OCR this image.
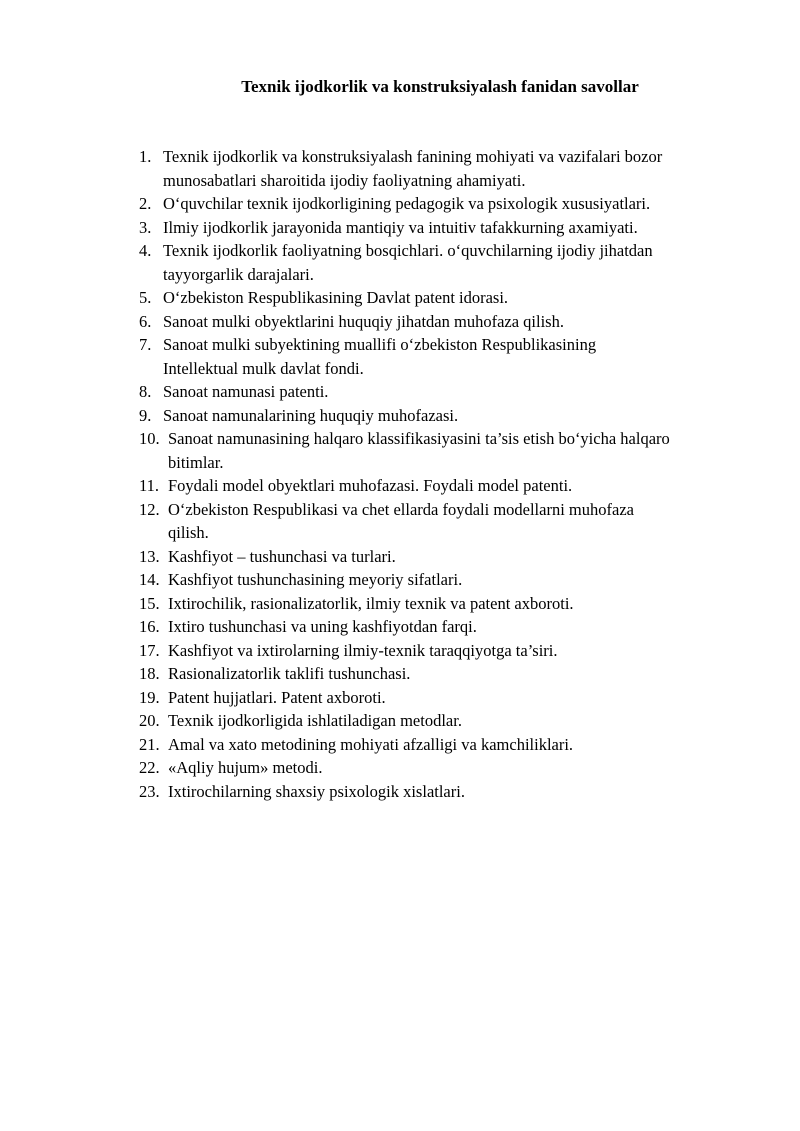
Texnik ijodkorlik va konstruksiyalash fanidan savollar
1. Texnik ijodkorlik va konstruksiyalash fanining mohiyati va vazifalari bozor
munosabatlari sharoitida ijodiy faoliyatning ahamiyati.
2. O‘quvchilar texnik ijodkorligining pedagogik va psixologik xususiyatlari.
3. Ilmiy ijodkorlik jarayonida mantiqiy va intuitiv tafakkurning axamiyati.
4. Texnik ijodkorlik faoliyatning bosqichlari. o‘quvchilarning ijodiy jihatdan
tayyorgarlik darajalari.
5. O‘zbekiston Respublikasining Davlat patent idorasi.
6. Sanoat mulki obyektlarini huquqiy jihatdan muhofaza qilish.
7. Sanoat mulki subyektining muallifi o‘zbekiston Respublikasining
Intellektual mulk davlat fondi.
8. Sanoat namunasi patenti.
9. Sanoat namunalarining huquqiy muhofazasi.
10. Sanoat namunasining halqaro klassifikasiyasini ta’sis etish bo‘yicha halqaro
bitimlar.
11. Foydali model obyektlari muhofazasi. Foydali model patenti.
12. O‘zbekiston Respublikasi va chet ellarda foydali modellarni muhofaza
qilish.
13. Kashfiyot – tushunchasi va turlari.
14. Kashfiyot tushunchasining meyoriy sifatlari.
15. Ixtirochilik, rasionalizatorlik, ilmiy texnik va patent axboroti.
16. Ixtiro tushunchasi va uning kashfiyotdan farqi.
17. Kashfiyot va ixtirolarning ilmiy-texnik taraqqiyotga ta’siri.
18. Rasionalizatorlik taklifi tushunchasi.
19. Patent hujjatlari. Patent axboroti.
20. Texnik ijodkorligida ishlatiladigan metodlar.
21. Amal va xato metodining mohiyati afzalligi va kamchiliklari.
22. «Aqliy hujum» metodi.
23. Ixtirochilarning shaxsiy psixologik xislatlari.
